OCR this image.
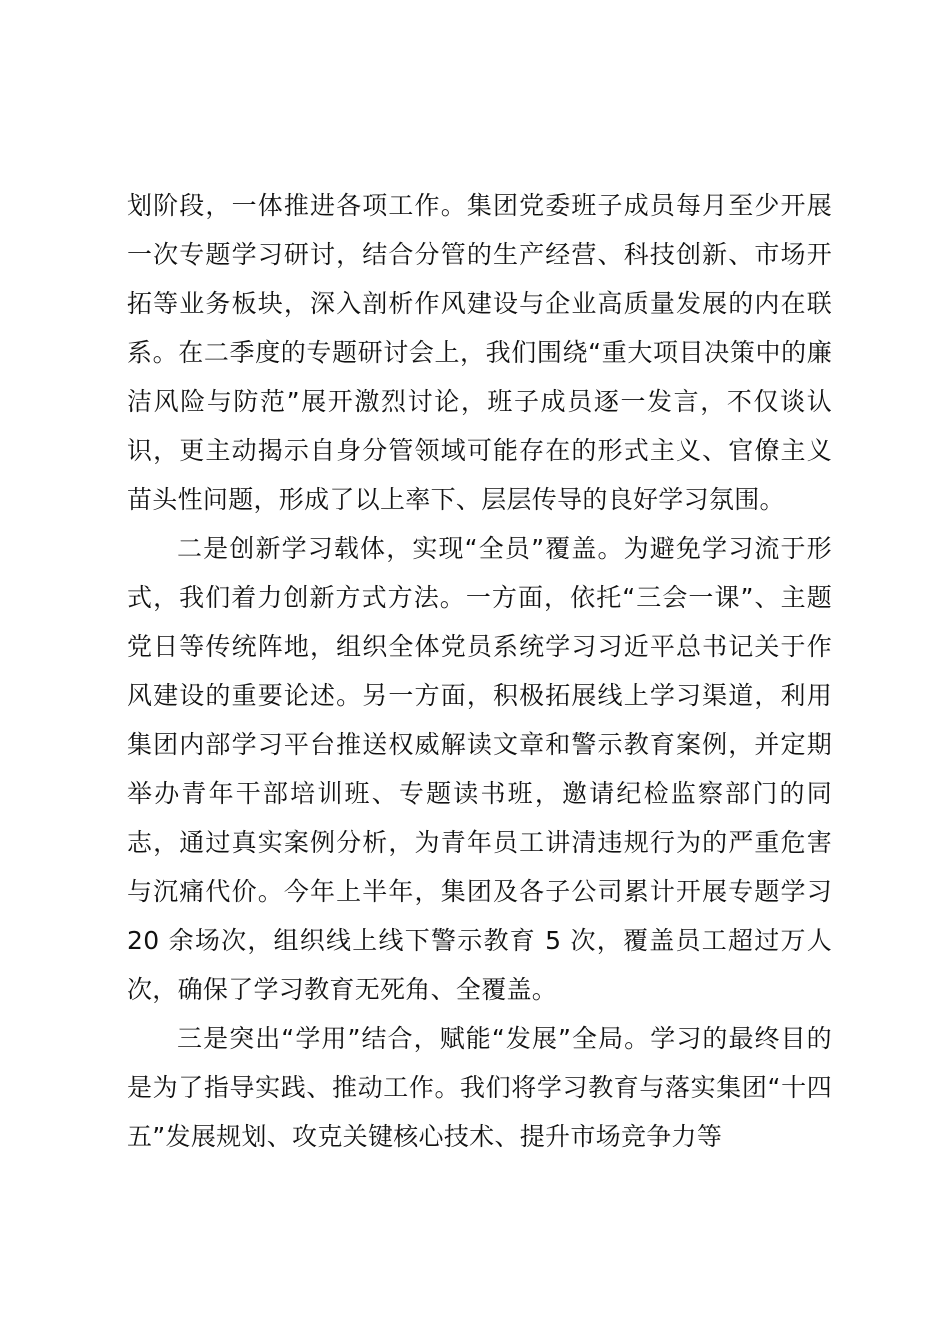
划阶段，一体推进各项工作。集团党委班子成员每月至少开展一次专题学习研讨，结合分管的生产经营、科技创新、市场开拓等业务板块，深入剖析作风建设与企业高质量发展的内在联系。在二季度的专题研讨会上，我们围绕“重大项目决策中的廉洁风险与防范”展开激烈讨论，班子成员逐一发言，不仅谈认识，更主动揭示自身分管领域可能存在的形式主义、官僚主义苗头性问题，形成了以上率下、层层传导的良好学习氛围。

二是创新学习载体，实现“全员”覆盖。为避免学习流于形式，我们着力创新方式方法。一方面，依托“三会一课”、主题党日等传统阵地，组织全体党员系统学习习近平总书记关于作风建设的重要论述。另一方面，积极拓展线上学习渠道，利用集团内部学习平台推送权威解读文章和警示教育案例，并定期举办青年干部培训班、专题读书班，邀请纪检监察部门的同志，通过真实案例分析，为青年员工讲清违规行为的严重危害与沉痛代价。今年上半年，集团及各子公司累计开展专题学习 20 余场次，组织线上线下警示教育 5 次，覆盖员工超过万人次，确保了学习教育无死角、全覆盖。

三是突出“学用”结合，赋能“发展”全局。学习的最终目的是为了指导实践、推动工作。我们将学习教育与落实集团“十四五”发展规划、攻克关键核心技术、提升市场竞争力等
